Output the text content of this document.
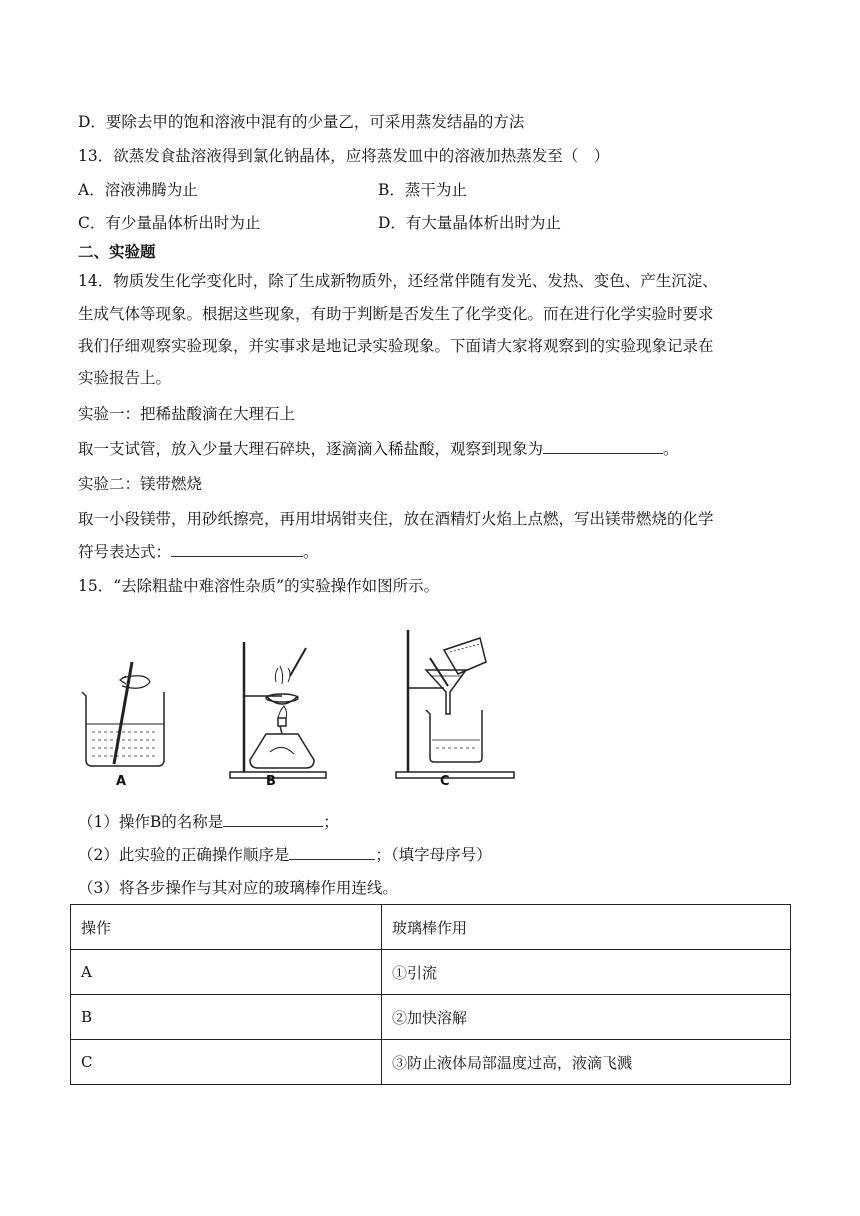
D．要除去甲的饱和溶液中混有的少量乙，可采用蒸发结晶的方法
13．欲蒸发食盐溶液得到氯化钠晶体，应将蒸发皿中的溶液加热蒸发至（　）
A．溶液沸腾为止	B．蒸干为止
C．有少量晶体析出时为止	D．有大量晶体析出时为止
二、实验题
14．物质发生化学变化时，除了生成新物质外，还经常伴随有发光、发热、变色、产生沉淀、
生成气体等现象。根据这些现象，有助于判断是否发生了化学变化。而在进行化学实验时要求
我们仔细观察实验现象，并实事求是地记录实验现象。下面请大家将观察到的实验现象记录在
实验报告上。
实验一：把稀盐酸滴在大理石上
取一支试管，放入少量大理石碎块，逐滴滴入稀盐酸，观察到现象为	。
实验二：镁带燃烧
取一小段镁带，用砂纸擦亮，再用坩埚钳夹住，放在酒精灯火焰上点燃，写出镁带燃烧的化学
符号表达式：	。
15．“去除粗盐中难溶性杂质”的实验操作如图所示。
A	B	C
（1）操作B的名称是	；
（2）此实验的正确操作顺序是	；（填字母序号）
（3）将各步操作与其对应的玻璃棒作用连线。
操作	玻璃棒作用
A	①引流
B	②加快溶解
C	③防止液体局部温度过高，液滴飞溅
